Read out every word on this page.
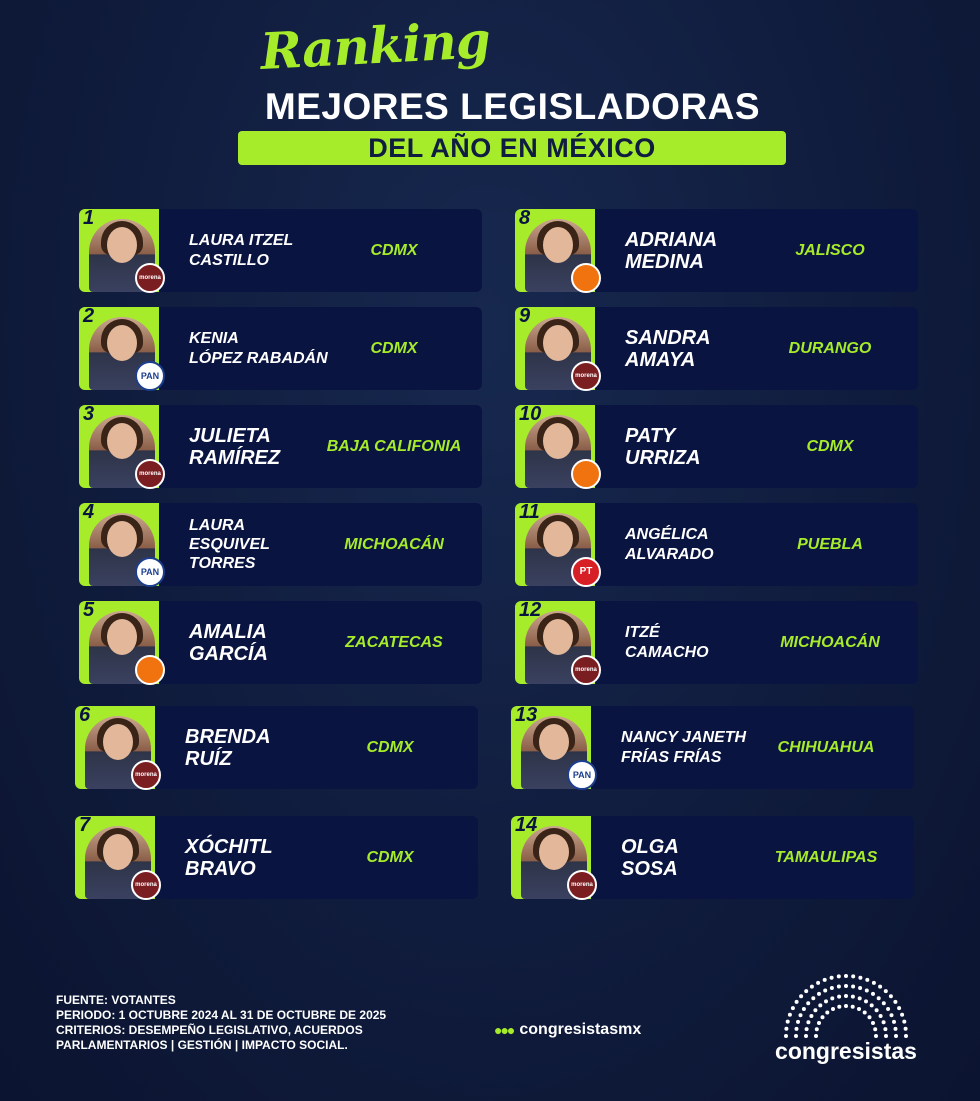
Ranking
MEJORES LEGISLADORAS
DEL AÑO EN MÉXICO
1
morena
LAURA ITZEL
CASTILLO
CDMX
2
PAN
KENIA
LÓPEZ RABADÁN
CDMX
3
morena
JULIETA
RAMÍREZ
BAJA CALIFONIA
4
PAN
LAURA
ESQUIVEL TORRES
MICHOACÁN
5
AMALIA
GARCÍA
ZACATECAS
6
morena
BRENDA
RUÍZ
CDMX
7
morena
XÓCHITL
BRAVO
CDMX
8
ADRIANA
MEDINA
JALISCO
9
morena
SANDRA
AMAYA
DURANGO
10
PATY
URRIZA
CDMX
11
PT
ANGÉLICA
ALVARADO
PUEBLA
12
morena
ITZÉ
CAMACHO
MICHOACÁN
13
PAN
NANCY JANETH
FRÍAS FRÍAS
CHIHUAHUA
14
morena
OLGA
SOSA
TAMAULIPAS
FUENTE: VOTANTES
PERIODO: 1 OCTUBRE 2024 AL 31 DE OCTUBRE DE 2025
CRITERIOS: DESEMPEÑO LEGISLATIVO, ACUERDOS
PARLAMENTARIOS | GESTIÓN | IMPACTO SOCIAL.
●●● congresistasmx
congresistas
